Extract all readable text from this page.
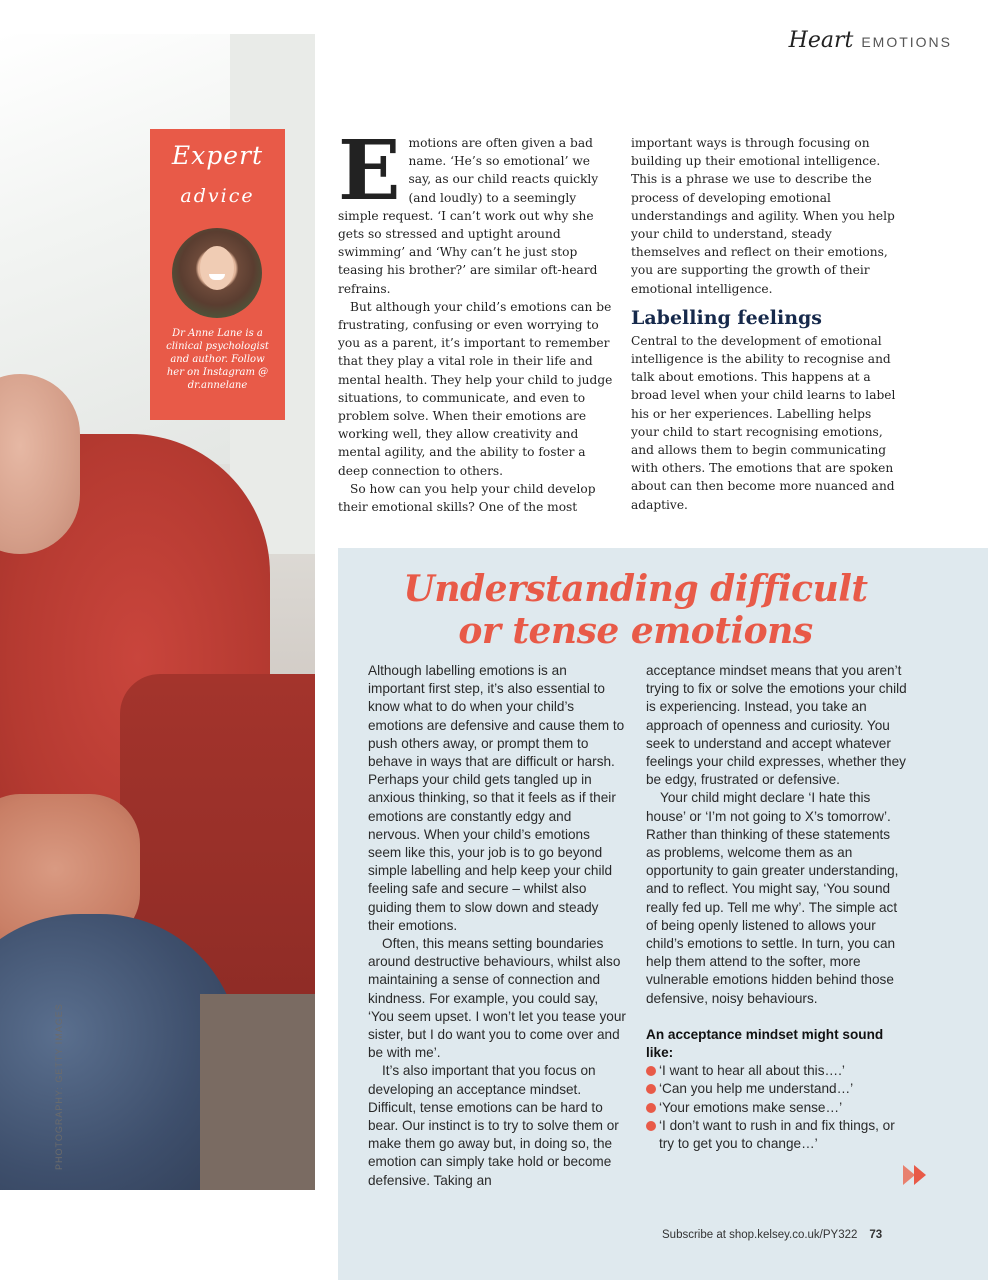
PHOTOGRAPHY: GETTY IMAGES
Expert
advice
Dr Anne Lane is a clinical psychologist and author. Follow her on Instagram @ dr.annelane
Heart EMOTIONS
E motions are often given a bad name. ‘He’s so emotional’ we say, as our child reacts quickly (and loudly) to a seemingly simple request. ‘I can’t work out why she gets so stressed and uptight around swimming’ and ‘Why can’t he just stop teasing his brother?’ are similar oft-heard refrains.

But although your child’s emotions can be frustrating, confusing or even worrying to you as a parent, it’s important to remember that they play a vital role in their life and mental health. They help your child to judge situations, to communicate, and even to problem solve. When their emotions are working well, they allow creativity and mental agility, and the ability to foster a deep connection to others.

So how can you help your child develop their emotional skills? One of the most

important ways is through focusing on building up their emotional intelligence. This is a phrase we use to describe the process of developing emotional understandings and agility. When you help your child to understand, steady themselves and reflect on their emotions, you are supporting the growth of their emotional intelligence.

Labelling feelings

Central to the development of emotional intelligence is the ability to recognise and talk about emotions. This happens at a broad level when your child learns to label his or her experiences. Labelling helps your child to start recognising emotions, and allows them to begin communicating with others. The emotions that are spoken about can then become more nuanced and adaptive.

Understanding difficult
or tense emotions

Although labelling emotions is an important first step, it’s also essential to know what to do when your child’s emotions are defensive and cause them to push others away, or prompt them to behave in ways that are difficult or harsh. Perhaps your child gets tangled up in anxious thinking, so that it feels as if their emotions are constantly edgy and nervous. When your child’s emotions seem like this, your job is to go beyond simple labelling and help keep your child feeling safe and secure – whilst also guiding them to slow down and steady their emotions.

Often, this means setting boundaries around destructive behaviours, whilst also maintaining a sense of connection and kindness. For example, you could say, ‘You seem upset. I won’t let you tease your sister, but I do want you to come over and be with me’.

It’s also important that you focus on developing an acceptance mindset. Difficult, tense emotions can be hard to bear. Our instinct is to try to solve them or make them go away but, in doing so, the emotion can simply take hold or become defensive. Taking an

acceptance mindset means that you aren’t trying to fix or solve the emotions your child is experiencing. Instead, you take an approach of openness and curiosity. You seek to understand and accept whatever feelings your child expresses, whether they be edgy, frustrated or defensive.

Your child might declare ‘I hate this house’ or ‘I’m not going to X’s tomorrow’. Rather than thinking of these statements as problems, welcome them as an opportunity to gain greater understanding, and to reflect. You might say, ‘You sound really fed up. Tell me why’. The simple act of being openly listened to allows your child’s emotions to settle. In turn, you can help them attend to the softer, more vulnerable emotions hidden behind those defensive, noisy behaviours.

An acceptance mindset might sound like:
‘I want to hear all about this….’
‘Can you help me understand…’
‘Your emotions make sense…’
‘I don’t want to rush in and fix things, or try to get you to change…’
Subscribe at shop.kelsey.co.uk/PY322 73
